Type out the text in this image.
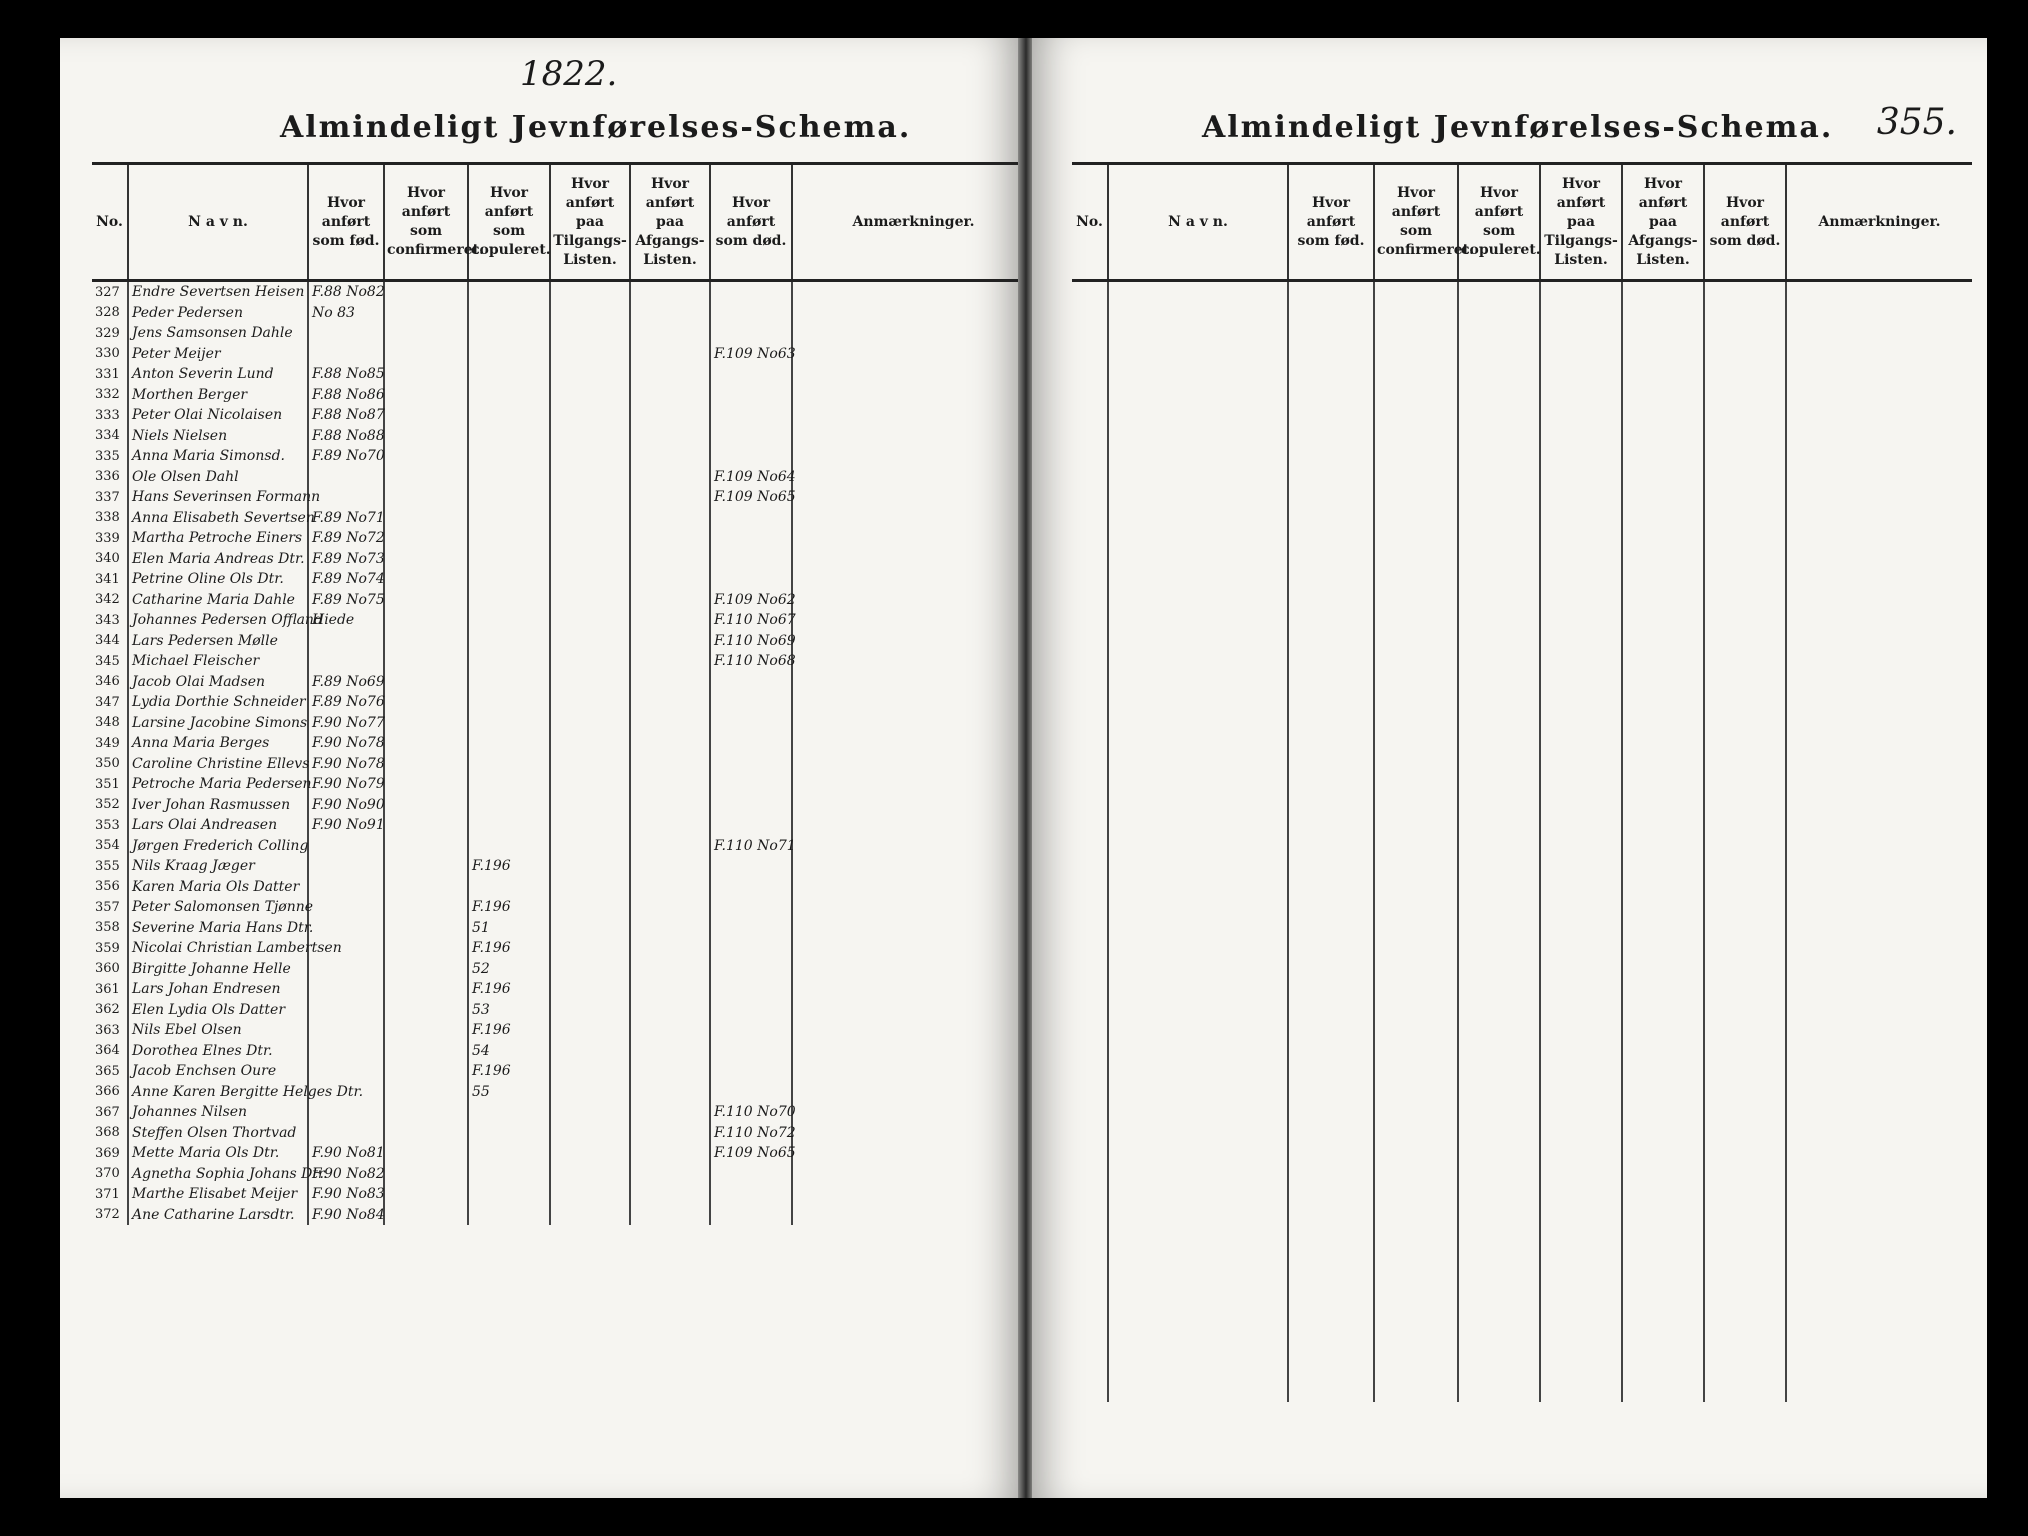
1822.
Almindeligt Jevnførelses-Schema.
No.	N a v n.	Hvor anført som fød.	Hvor anført som confirmeret.	Hvor anført som copuleret.	Hvor anført paa Tilgangs-Listen.	Hvor anført paa Afgangs-Listen.	Hvor anført som død.	Anmærkninger.
327	Endre Severtsen Heisen	F.88 No82						
328	Peder Pedersen	No 83						
329	Jens Samsonsen Dahle							
330	Peter Meijer						F.109 No63	
331	Anton Severin Lund	F.88 No85						
332	Morthen Berger	F.88 No86						
333	Peter Olai Nicolaisen	F.88 No87						
334	Niels Nielsen	F.88 No88						
335	Anna Maria Simonsd.	F.89 No70						
336	Ole Olsen Dahl						F.109 No64	
337	Hans Severinsen Formann						F.109 No65	
338	Anna Elisabeth Severtsen	F.89 No71						
339	Martha Petroche Einers	F.89 No72						
340	Elen Maria Andreas Dtr.	F.89 No73						
341	Petrine Oline Ols Dtr.	F.89 No74						
342	Catharine Maria Dahle	F.89 No75					F.109 No62	
343	Johannes Pedersen Offland	Hiede					F.110 No67	
344	Lars Pedersen Mølle						F.110 No69	
345	Michael Fleischer						F.110 No68	
346	Jacob Olai Madsen	F.89 No69						
347	Lydia Dorthie Schneider	F.89 No76						
348	Larsine Jacobine Simons	F.90 No77						
349	Anna Maria Berges	F.90 No78						
350	Caroline Christine Ellevs	F.90 No78						
351	Petroche Maria Pedersen	F.90 No79						
352	Iver Johan Rasmussen	F.90 No90						
353	Lars Olai Andreasen	F.90 No91						
354	Jørgen Frederich Colling						F.110 No71	
355	Nils Kraag Jæger			F.196				
356	Karen Maria Ols Datter							
357	Peter Salomonsen Tjønne			F.196				
358	Severine Maria Hans Dtr.			51				
359	Nicolai Christian Lambertsen			F.196				
360	Birgitte Johanne Helle			52				
361	Lars Johan Endresen			F.196				
362	Elen Lydia Ols Datter			53				
363	Nils Ebel Olsen			F.196				
364	Dorothea Elnes Dtr.			54				
365	Jacob Enchsen Oure			F.196				
366	Anne Karen Bergitte Helges Dtr.			55				
367	Johannes Nilsen						F.110 No70	
368	Steffen Olsen Thortvad						F.110 No72	
369	Mette Maria Ols Dtr.	F.90 No81					F.109 No65	
370	Agnetha Sophia Johans Dtr.	F.90 No82						
371	Marthe Elisabet Meijer	F.90 No83						
372	Ane Catharine Larsdtr.	F.90 No84						
Almindeligt Jevnførelses-Schema. 355.
No.	N a v n.	Hvor anført som fød.	Hvor anført som confirmeret.	Hvor anført som copuleret.	Hvor anført paa Tilgangs-Listen.	Hvor anført paa Afgangs-Listen.	Hvor anført som død.	Anmærkninger.
